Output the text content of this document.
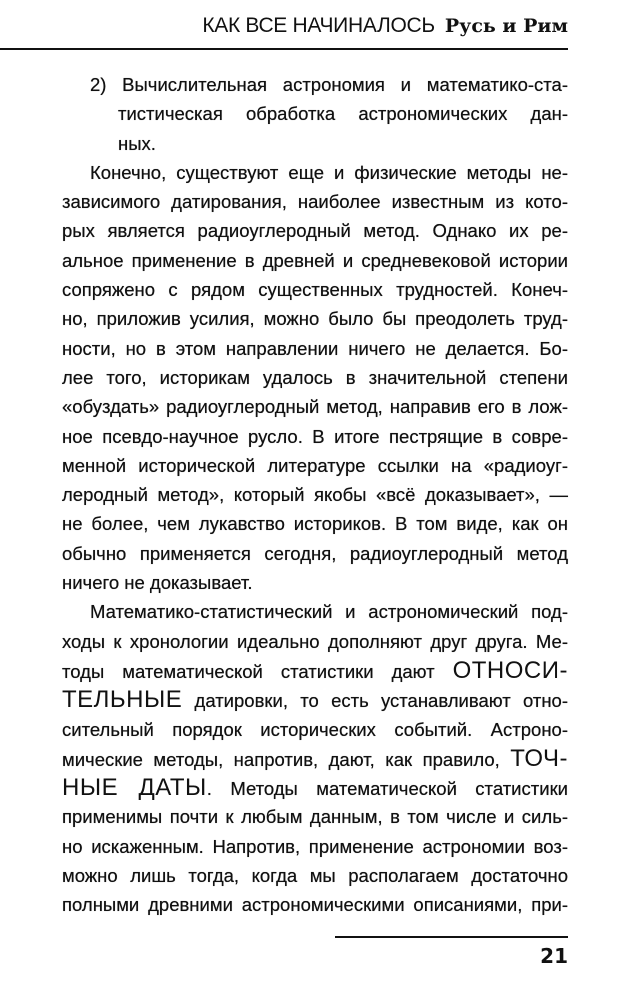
КАК ВСЕ НАЧИНАЛОСЬ Русь и Рим
2) Вычислительная астрономия и математико-ста-
тистическая обработка астрономических дан-
ных.
Конечно, существуют еще и физические методы не-
зависимого датирования, наиболее известным из кото-
рых является радиоуглеродный метод. Однако их ре-
альное применение в древней и средневековой истории
сопряжено с рядом существенных трудностей. Конеч-
но, приложив усилия, можно было бы преодолеть труд-
ности, но в этом направлении ничего не делается. Бо-
лее того, историкам удалось в значительной степени
«обуздать» радиоуглеродный метод, направив его в лож-
ное псевдо-научное русло. В итоге пестрящие в совре-
менной исторической литературе ссылки на «радиоуг-
леродный метод», который якобы «всё доказывает», —
не более, чем лукавство историков. В том виде, как он
обычно применяется сегодня, радиоуглеродный метод
ничего не доказывает.
Математико-статистический и астрономический под-
ходы к хронологии идеально дополняют друг друга. Ме-
тоды математической статистики дают ОТНОСИ-
ТЕЛЬНЫЕ датировки, то есть устанавливают отно-
сительный порядок исторических событий. Астроно-
мические методы, напротив, дают, как правило, ТОЧ-
НЫЕ ДАТЫ. Методы математической статистики
применимы почти к любым данным, в том числе и силь-
но искаженным. Напротив, применение астрономии воз-
можно лишь тогда, когда мы располагаем достаточно
полными древними астрономическими описаниями, при-
21
